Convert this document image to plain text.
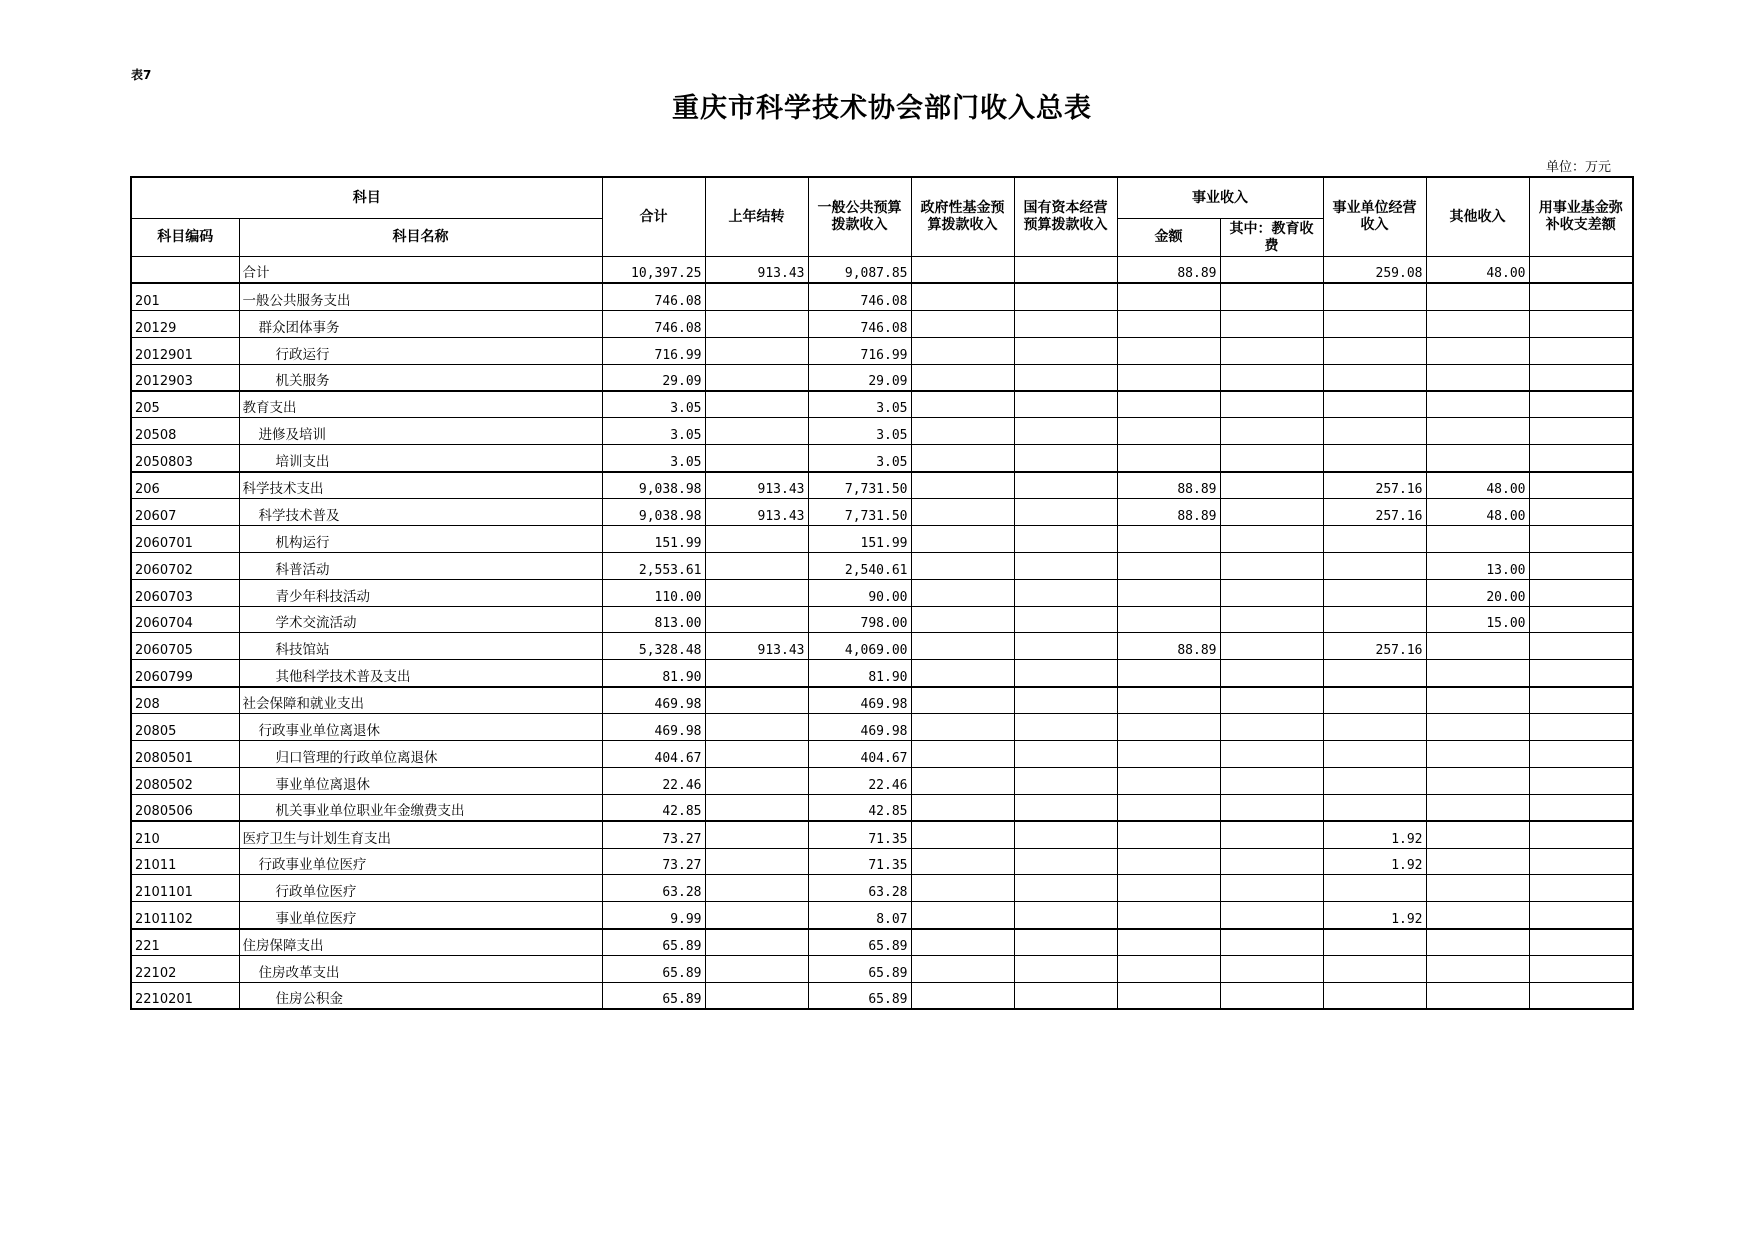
表7
重庆市科学技术协会部门收入总表
单位：万元
科目		合计	上年结转	一般公共预算拨款收入	政府性基金预算拨款收入	国有资本经营预算拨款收入	事业收入		事业单位经营收入	其他收入	用事业基金弥补收支差额
科目编码	科目名称						金额	其中：教育收费			
	合计	10,397.25	913.43	9,087.85			88.89		259.08	48.00	
201	一般公共服务支出	746.08		746.08							
20129	群众团体事务	746.08		746.08							
2012901	行政运行	716.99		716.99							
2012903	机关服务	29.09		29.09							
205	教育支出	3.05		3.05							
20508	进修及培训	3.05		3.05							
2050803	培训支出	3.05		3.05							
206	科学技术支出	9,038.98	913.43	7,731.50			88.89		257.16	48.00	
20607	科学技术普及	9,038.98	913.43	7,731.50			88.89		257.16	48.00	
2060701	机构运行	151.99		151.99							
2060702	科普活动	2,553.61		2,540.61						13.00	
2060703	青少年科技活动	110.00		90.00						20.00	
2060704	学术交流活动	813.00		798.00						15.00	
2060705	科技馆站	5,328.48	913.43	4,069.00			88.89		257.16		
2060799	其他科学技术普及支出	81.90		81.90							
208	社会保障和就业支出	469.98		469.98							
20805	行政事业单位离退休	469.98		469.98							
2080501	归口管理的行政单位离退休	404.67		404.67							
2080502	事业单位离退休	22.46		22.46							
2080506	机关事业单位职业年金缴费支出	42.85		42.85							
210	医疗卫生与计划生育支出	73.27		71.35					1.92		
21011	行政事业单位医疗	73.27		71.35					1.92		
2101101	行政单位医疗	63.28		63.28							
2101102	事业单位医疗	9.99		8.07					1.92		
221	住房保障支出	65.89		65.89							
22102	住房改革支出	65.89		65.89							
2210201	住房公积金	65.89		65.89							
